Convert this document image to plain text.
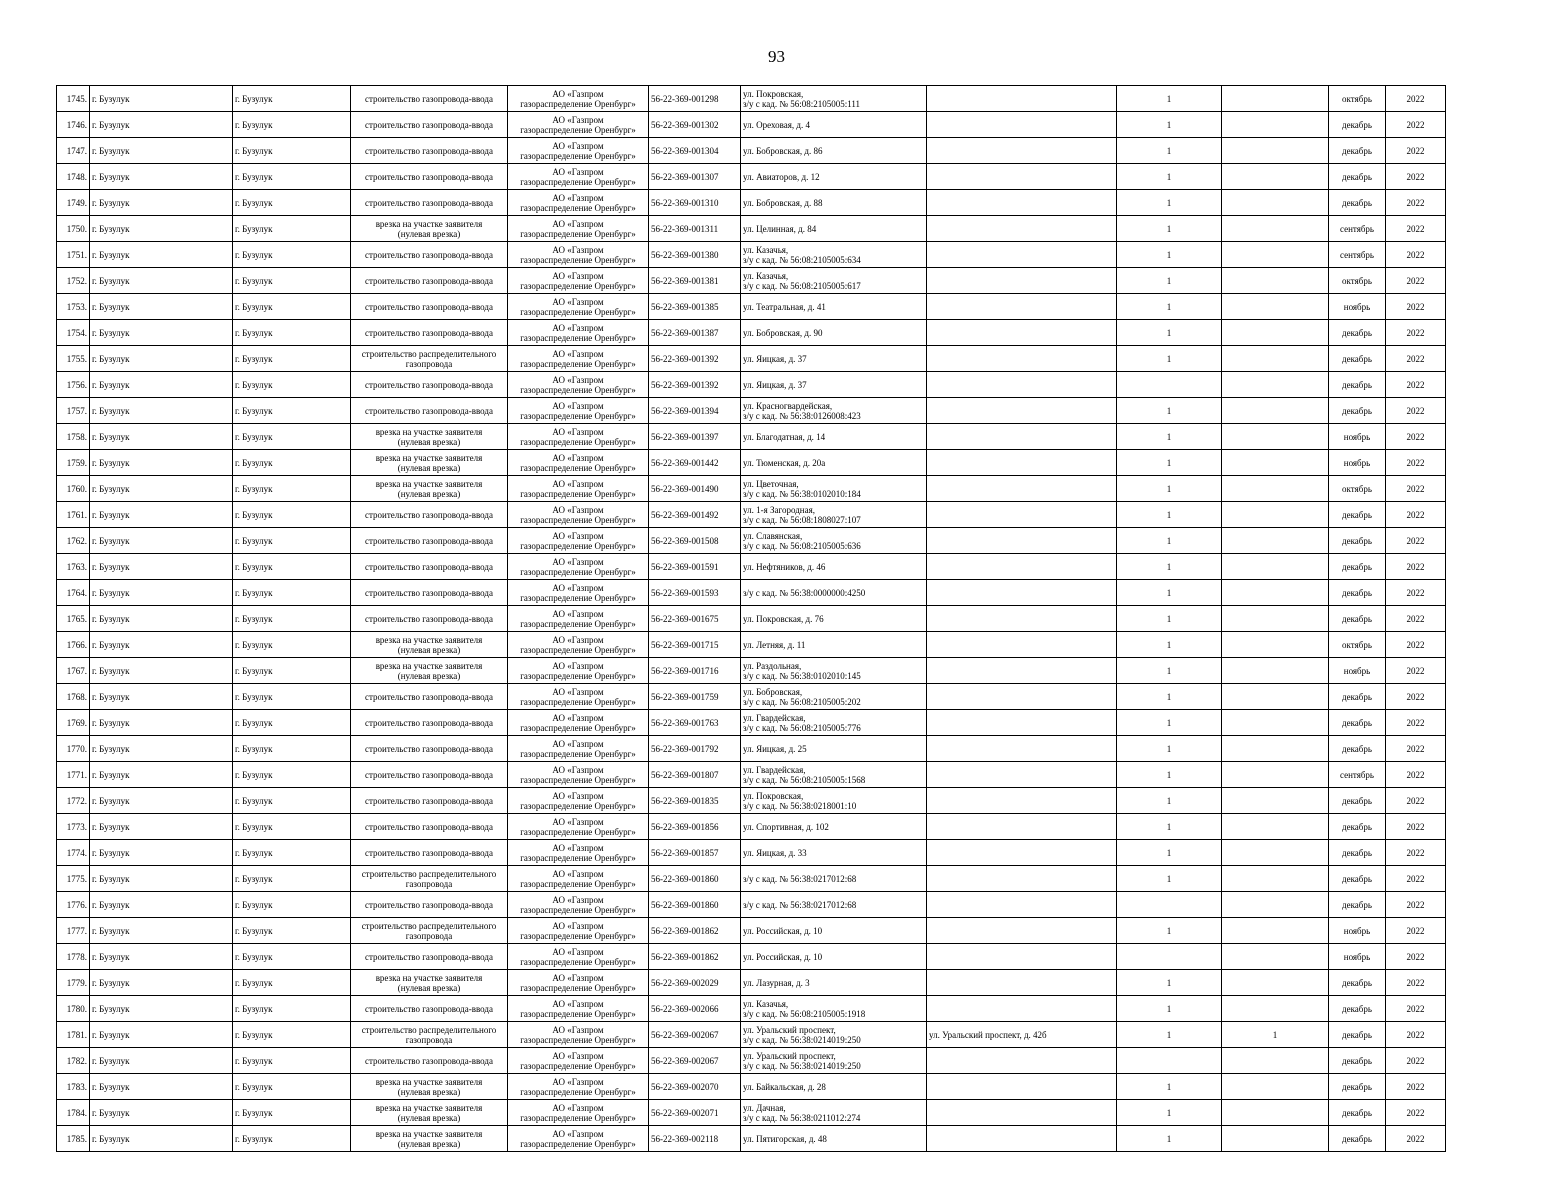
93
1745.	г. Бузулук	г. Бузулук	строительство газопровода-ввода	АО «Газпром
газораспределение Оренбург»	56-22-369-001298	ул. Покровская,
з/у с кад. № 56:08:2105005:111		1		октябрь	2022
1746.	г. Бузулук	г. Бузулук	строительство газопровода-ввода	АО «Газпром
газораспределение Оренбург»	56-22-369-001302	ул. Ореховая, д. 4		1		декабрь	2022
1747.	г. Бузулук	г. Бузулук	строительство газопровода-ввода	АО «Газпром
газораспределение Оренбург»	56-22-369-001304	ул. Бобровская, д. 86		1		декабрь	2022
1748.	г. Бузулук	г. Бузулук	строительство газопровода-ввода	АО «Газпром
газораспределение Оренбург»	56-22-369-001307	ул. Авиаторов, д. 12		1		декабрь	2022
1749.	г. Бузулук	г. Бузулук	строительство газопровода-ввода	АО «Газпром
газораспределение Оренбург»	56-22-369-001310	ул. Бобровская, д. 88		1		декабрь	2022
1750.	г. Бузулук	г. Бузулук	врезка на участке заявителя
(нулевая врезка)	АО «Газпром
газораспределение Оренбург»	56-22-369-001311	ул. Целинная, д. 84		1		сентябрь	2022
1751.	г. Бузулук	г. Бузулук	строительство газопровода-ввода	АО «Газпром
газораспределение Оренбург»	56-22-369-001380	ул. Казачья,
з/у с кад. № 56:08:2105005:634		1		сентябрь	2022
1752.	г. Бузулук	г. Бузулук	строительство газопровода-ввода	АО «Газпром
газораспределение Оренбург»	56-22-369-001381	ул. Казачья,
з/у с кад. № 56:08:2105005:617		1		октябрь	2022
1753.	г. Бузулук	г. Бузулук	строительство газопровода-ввода	АО «Газпром
газораспределение Оренбург»	56-22-369-001385	ул. Театральная, д. 41		1		ноябрь	2022
1754.	г. Бузулук	г. Бузулук	строительство газопровода-ввода	АО «Газпром
газораспределение Оренбург»	56-22-369-001387	ул. Бобровская, д. 90		1		декабрь	2022
1755.	г. Бузулук	г. Бузулук	строительство распределительного
газопровода	АО «Газпром
газораспределение Оренбург»	56-22-369-001392	ул. Яицкая, д. 37		1		декабрь	2022
1756.	г. Бузулук	г. Бузулук	строительство газопровода-ввода	АО «Газпром
газораспределение Оренбург»	56-22-369-001392	ул. Яицкая, д. 37				декабрь	2022
1757.	г. Бузулук	г. Бузулук	строительство газопровода-ввода	АО «Газпром
газораспределение Оренбург»	56-22-369-001394	ул. Красногвардейская,
з/у с кад. № 56:38:0126008:423		1		декабрь	2022
1758.	г. Бузулук	г. Бузулук	врезка на участке заявителя
(нулевая врезка)	АО «Газпром
газораспределение Оренбург»	56-22-369-001397	ул. Благодатная, д. 14		1		ноябрь	2022
1759.	г. Бузулук	г. Бузулук	врезка на участке заявителя
(нулевая врезка)	АО «Газпром
газораспределение Оренбург»	56-22-369-001442	ул. Тюменская, д. 20а		1		ноябрь	2022
1760.	г. Бузулук	г. Бузулук	врезка на участке заявителя
(нулевая врезка)	АО «Газпром
газораспределение Оренбург»	56-22-369-001490	ул. Цветочная,
з/у с кад. № 56:38:0102010:184		1		октябрь	2022
1761.	г. Бузулук	г. Бузулук	строительство газопровода-ввода	АО «Газпром
газораспределение Оренбург»	56-22-369-001492	ул. 1-я Загородная,
з/у с кад. № 56:08:1808027:107		1		декабрь	2022
1762.	г. Бузулук	г. Бузулук	строительство газопровода-ввода	АО «Газпром
газораспределение Оренбург»	56-22-369-001508	ул. Славянская,
з/у с кад. № 56:08:2105005:636		1		декабрь	2022
1763.	г. Бузулук	г. Бузулук	строительство газопровода-ввода	АО «Газпром
газораспределение Оренбург»	56-22-369-001591	ул. Нефтяников, д. 46		1		декабрь	2022
1764.	г. Бузулук	г. Бузулук	строительство газопровода-ввода	АО «Газпром
газораспределение Оренбург»	56-22-369-001593	з/у с кад. № 56:38:0000000:4250		1		декабрь	2022
1765.	г. Бузулук	г. Бузулук	строительство газопровода-ввода	АО «Газпром
газораспределение Оренбург»	56-22-369-001675	ул. Покровская, д. 76		1		декабрь	2022
1766.	г. Бузулук	г. Бузулук	врезка на участке заявителя
(нулевая врезка)	АО «Газпром
газораспределение Оренбург»	56-22-369-001715	ул. Летняя, д. 11		1		октябрь	2022
1767.	г. Бузулук	г. Бузулук	врезка на участке заявителя
(нулевая врезка)	АО «Газпром
газораспределение Оренбург»	56-22-369-001716	ул. Раздольная,
з/у с кад. № 56:38:0102010:145		1		ноябрь	2022
1768.	г. Бузулук	г. Бузулук	строительство газопровода-ввода	АО «Газпром
газораспределение Оренбург»	56-22-369-001759	ул. Бобровская,
з/у с кад. № 56:08:2105005:202		1		декабрь	2022
1769.	г. Бузулук	г. Бузулук	строительство газопровода-ввода	АО «Газпром
газораспределение Оренбург»	56-22-369-001763	ул. Гвардейская,
з/у с кад. № 56:08:2105005:776		1		декабрь	2022
1770.	г. Бузулук	г. Бузулук	строительство газопровода-ввода	АО «Газпром
газораспределение Оренбург»	56-22-369-001792	ул. Яицкая, д. 25		1		декабрь	2022
1771.	г. Бузулук	г. Бузулук	строительство газопровода-ввода	АО «Газпром
газораспределение Оренбург»	56-22-369-001807	ул. Гвардейская,
з/у с кад. № 56:08:2105005:1568		1		сентябрь	2022
1772.	г. Бузулук	г. Бузулук	строительство газопровода-ввода	АО «Газпром
газораспределение Оренбург»	56-22-369-001835	ул. Покровская,
з/у с кад. № 56:38:0218001:10		1		декабрь	2022
1773.	г. Бузулук	г. Бузулук	строительство газопровода-ввода	АО «Газпром
газораспределение Оренбург»	56-22-369-001856	ул. Спортивная, д. 102		1		декабрь	2022
1774.	г. Бузулук	г. Бузулук	строительство газопровода-ввода	АО «Газпром
газораспределение Оренбург»	56-22-369-001857	ул. Яицкая, д. 33		1		декабрь	2022
1775.	г. Бузулук	г. Бузулук	строительство распределительного
газопровода	АО «Газпром
газораспределение Оренбург»	56-22-369-001860	з/у с кад. № 56:38:0217012:68		1		декабрь	2022
1776.	г. Бузулук	г. Бузулук	строительство газопровода-ввода	АО «Газпром
газораспределение Оренбург»	56-22-369-001860	з/у с кад. № 56:38:0217012:68				декабрь	2022
1777.	г. Бузулук	г. Бузулук	строительство распределительного
газопровода	АО «Газпром
газораспределение Оренбург»	56-22-369-001862	ул. Российская, д. 10		1		ноябрь	2022
1778.	г. Бузулук	г. Бузулук	строительство газопровода-ввода	АО «Газпром
газораспределение Оренбург»	56-22-369-001862	ул. Российская, д. 10				ноябрь	2022
1779.	г. Бузулук	г. Бузулук	врезка на участке заявителя
(нулевая врезка)	АО «Газпром
газораспределение Оренбург»	56-22-369-002029	ул. Лазурная, д. 3		1		декабрь	2022
1780.	г. Бузулук	г. Бузулук	строительство газопровода-ввода	АО «Газпром
газораспределение Оренбург»	56-22-369-002066	ул. Казачья,
з/у с кад. № 56:08:2105005:1918		1		декабрь	2022
1781.	г. Бузулук	г. Бузулук	строительство распределительного
газопровода	АО «Газпром
газораспределение Оренбург»	56-22-369-002067	ул. Уральский проспект,
з/у с кад. № 56:38:0214019:250	ул. Уральский проспект, д. 42б	1	1	декабрь	2022
1782.	г. Бузулук	г. Бузулук	строительство газопровода-ввода	АО «Газпром
газораспределение Оренбург»	56-22-369-002067	ул. Уральский проспект,
з/у с кад. № 56:38:0214019:250				декабрь	2022
1783.	г. Бузулук	г. Бузулук	врезка на участке заявителя
(нулевая врезка)	АО «Газпром
газораспределение Оренбург»	56-22-369-002070	ул. Байкальская, д. 28		1		декабрь	2022
1784.	г. Бузулук	г. Бузулук	врезка на участке заявителя
(нулевая врезка)	АО «Газпром
газораспределение Оренбург»	56-22-369-002071	ул. Дачная,
з/у с кад. № 56:38:0211012:274		1		декабрь	2022
1785.	г. Бузулук	г. Бузулук	врезка на участке заявителя
(нулевая врезка)	АО «Газпром
газораспределение Оренбург»	56-22-369-002118	ул. Пятигорская, д. 48		1		декабрь	2022
